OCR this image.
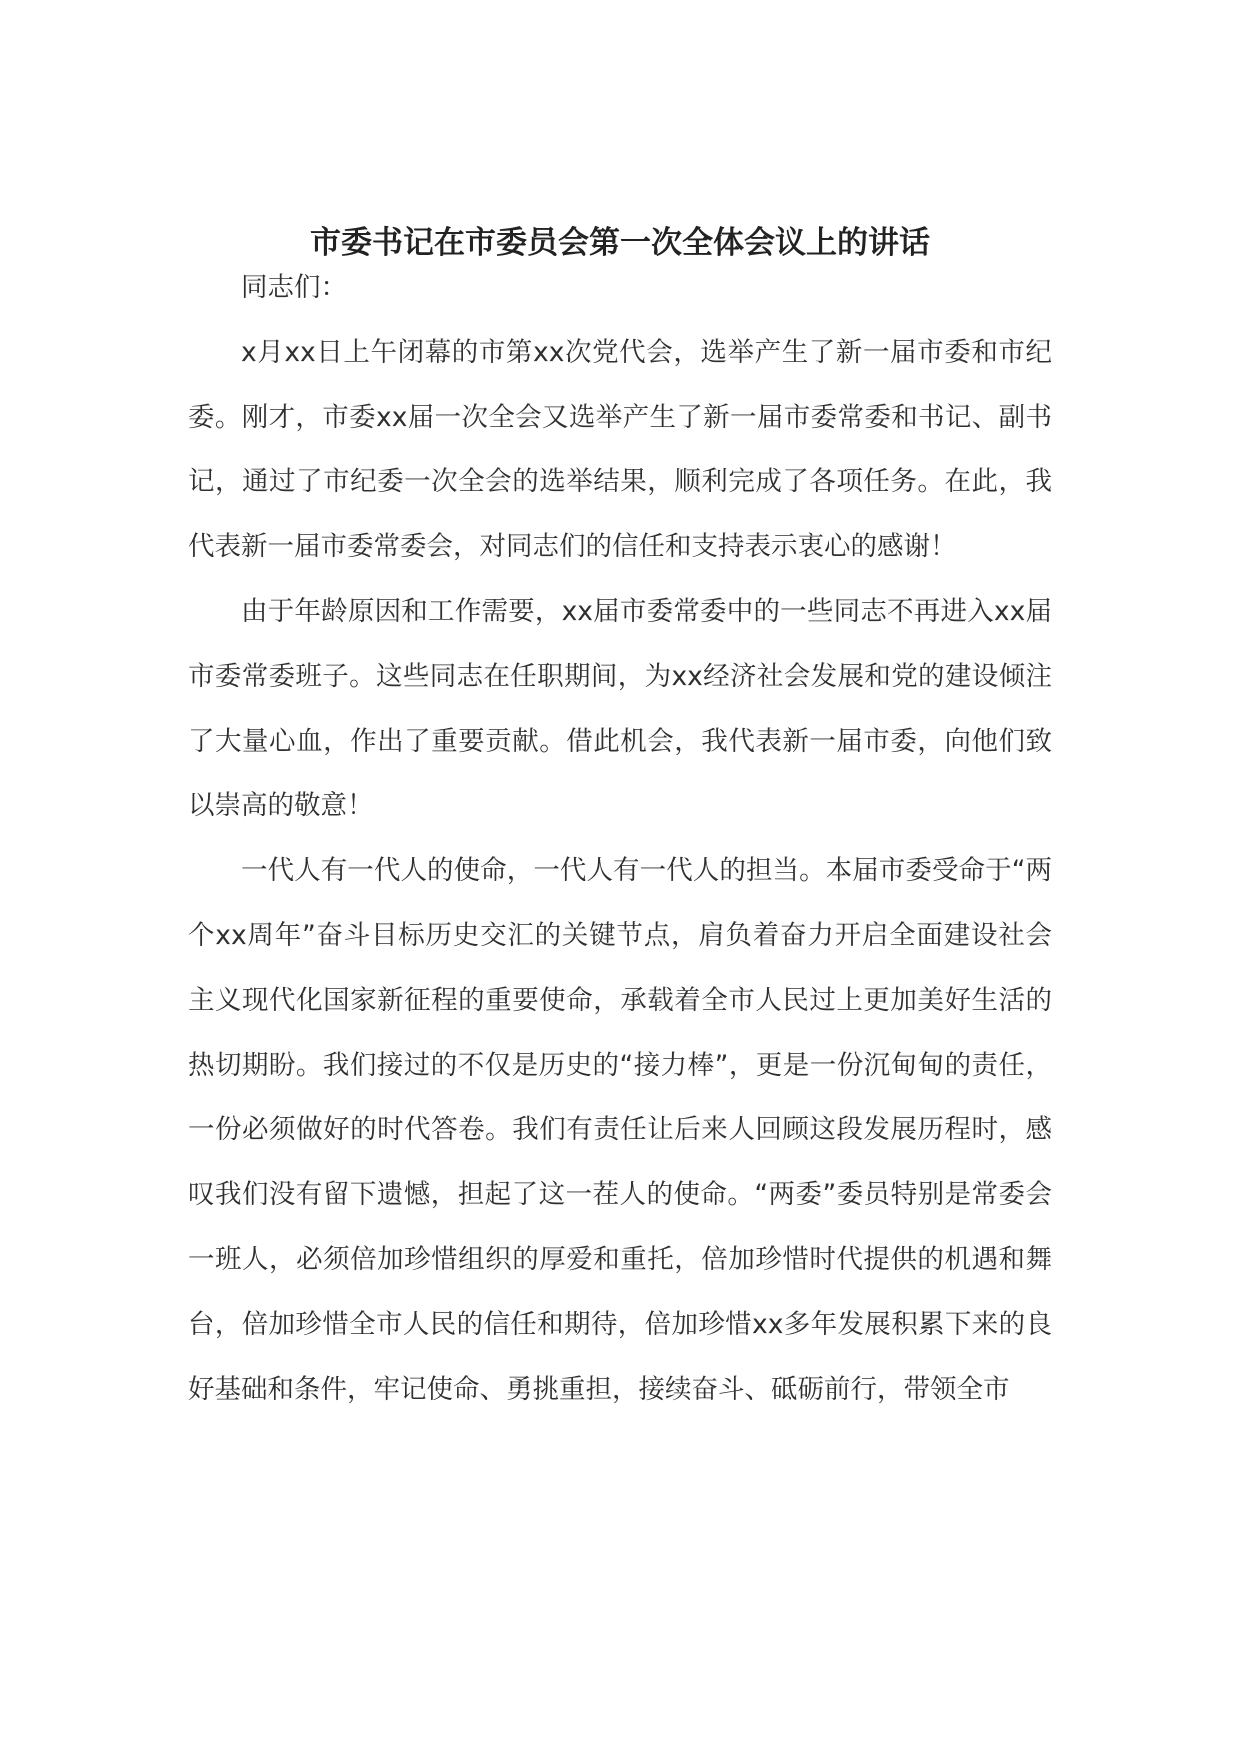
市委书记在市委员会第一次全体会议上的讲话

同志们：

x月xx日上午闭幕的市第xx次党代会，选举产生了新一届市委和市纪委。刚才，市委xx届一次全会又选举产生了新一届市委常委和书记、副书记，通过了市纪委一次全会的选举结果，顺利完成了各项任务。在此，我代表新一届市委常委会，对同志们的信任和支持表示衷心的感谢！

由于年龄原因和工作需要，xx届市委常委中的一些同志不再进入xx届市委常委班子。这些同志在任职期间，为xx经济社会发展和党的建设倾注了大量心血，作出了重要贡献。借此机会，我代表新一届市委，向他们致以崇高的敬意！

一代人有一代人的使命，一代人有一代人的担当。本届市委受命于“两个xx周年”奋斗目标历史交汇的关键节点，肩负着奋力开启全面建设社会主义现代化国家新征程的重要使命，承载着全市人民过上更加美好生活的热切期盼。我们接过的不仅是历史的“接力棒”，更是一份沉甸甸的责任，一份必须做好的时代答卷。我们有责任让后来人回顾这段发展历程时，感叹我们没有留下遗憾，担起了这一茬人的使命。“两委”委员特别是常委会一班人，必须倍加珍惜组织的厚爱和重托，倍加珍惜时代提供的机遇和舞台，倍加珍惜全市人民的信任和期待，倍加珍惜xx多年发展积累下来的良好基础和条件，牢记使命、勇挑重担，接续奋斗、砥砺前行，带领全市
